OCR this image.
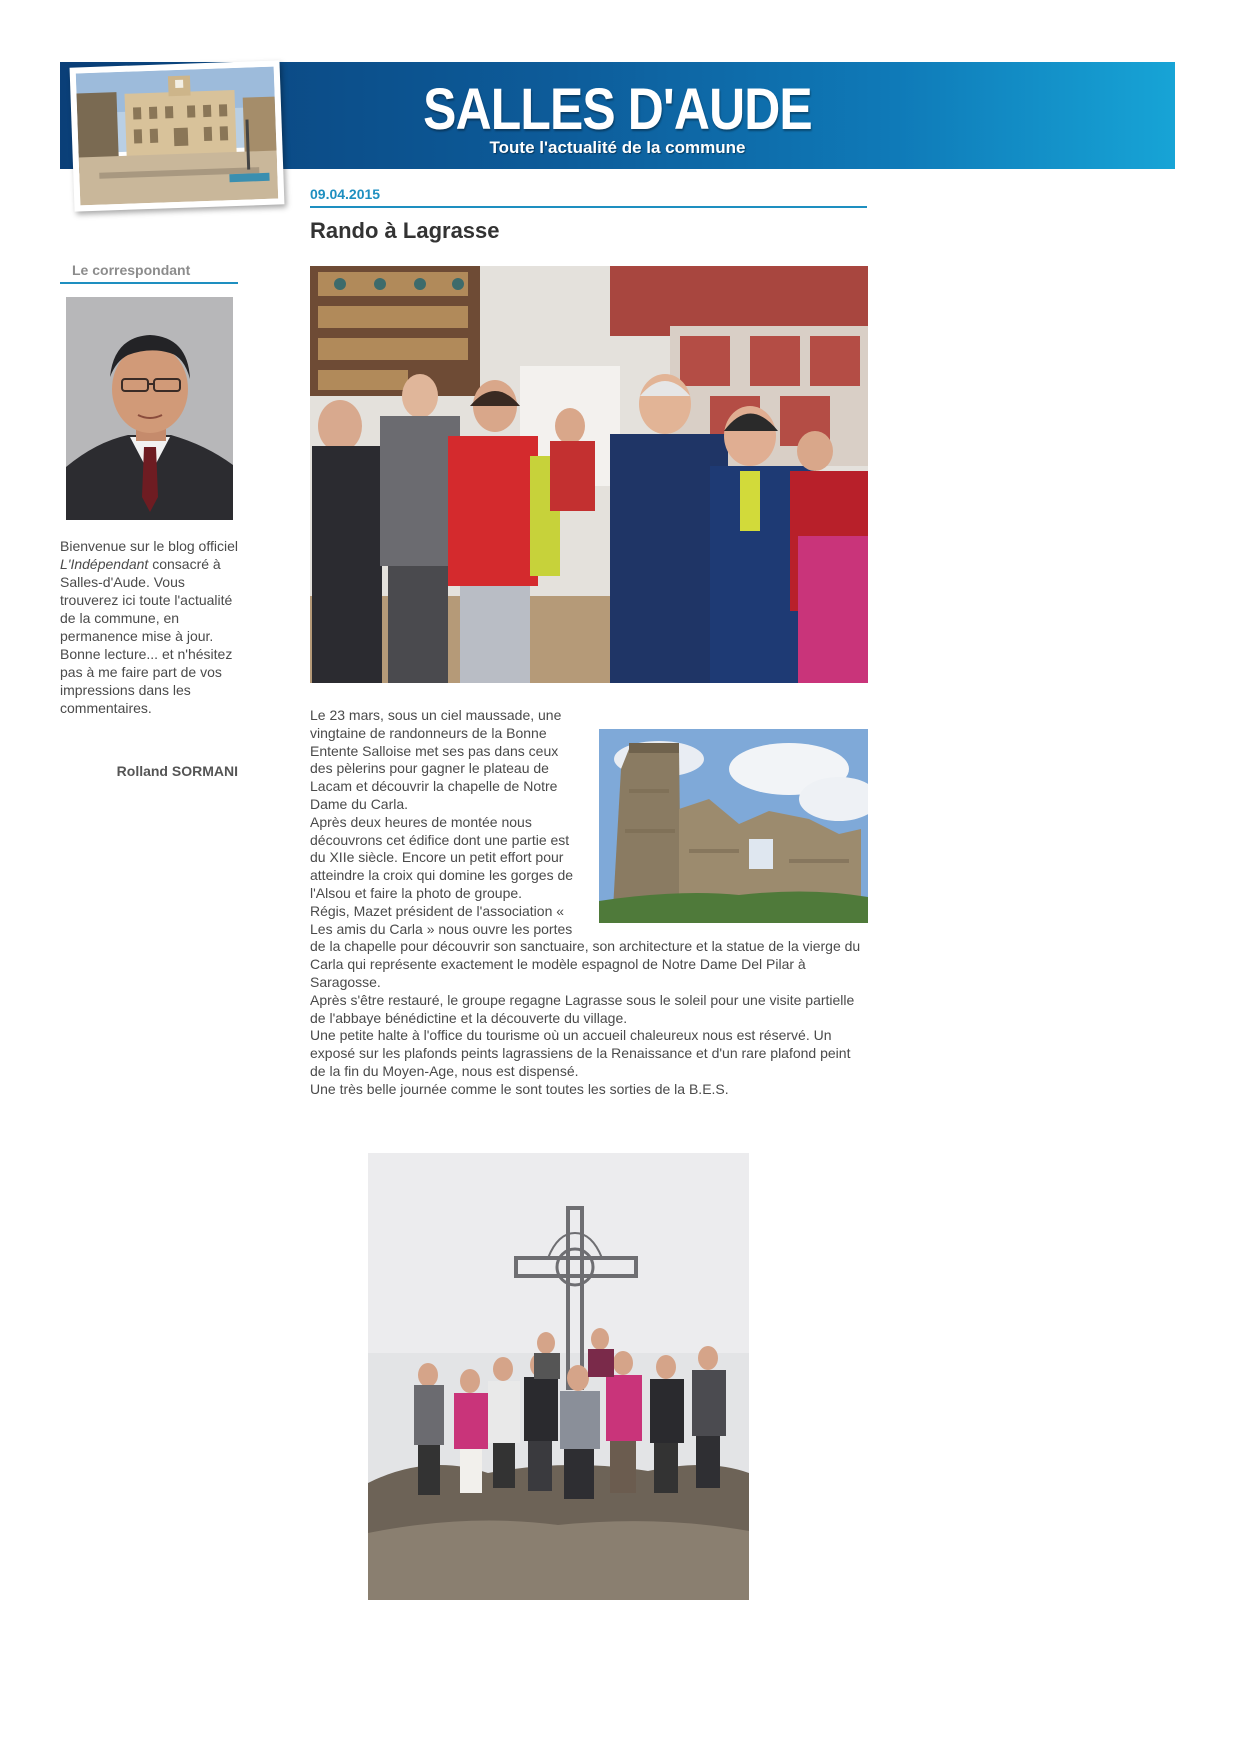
SALLES D'AUDE
Toute l'actualité de la commune
Le correspondant
Bienvenue sur le blog officiel L'Indépendant consacré à Salles-d'Aude. Vous trouverez ici toute l'actualité de la commune, en permanence mise à jour. Bonne lecture... et n'hésitez pas à me faire part de vos impressions dans les commentaires.
Rolland SORMANI
09.04.2015
Rando à Lagrasse

Le 23 mars, sous un ciel maussade, une vingtaine de randonneurs de la Bonne Entente Salloise met ses pas dans ceux des pèlerins pour gagner le plateau de Lacam et découvrir la chapelle de Notre Dame du Carla.

Après deux heures de montée nous découvrons cet édifice dont une partie est du XIIe siècle. Encore un petit effort pour atteindre la croix qui domine les gorges de l'Alsou et faire la photo de groupe.

Régis, Mazet président de l'association « Les amis du Carla » nous ouvre les portes de la chapelle pour découvrir son sanctuaire, son architecture et la statue de la vierge du Carla qui représente exactement le modèle espagnol de Notre Dame Del Pilar à Saragosse.

Après s'être restauré, le groupe regagne Lagrasse sous le soleil pour une visite partielle de l'abbaye bénédictine et la découverte du village.

Une petite halte à l'office du tourisme où un accueil chaleureux nous est réservé. Un exposé sur les plafonds peints lagrassiens de la Renaissance et d'un rare plafond peint de la fin du Moyen-Age, nous est dispensé.

Une très belle journée comme le sont toutes les sorties de la B.E.S.
